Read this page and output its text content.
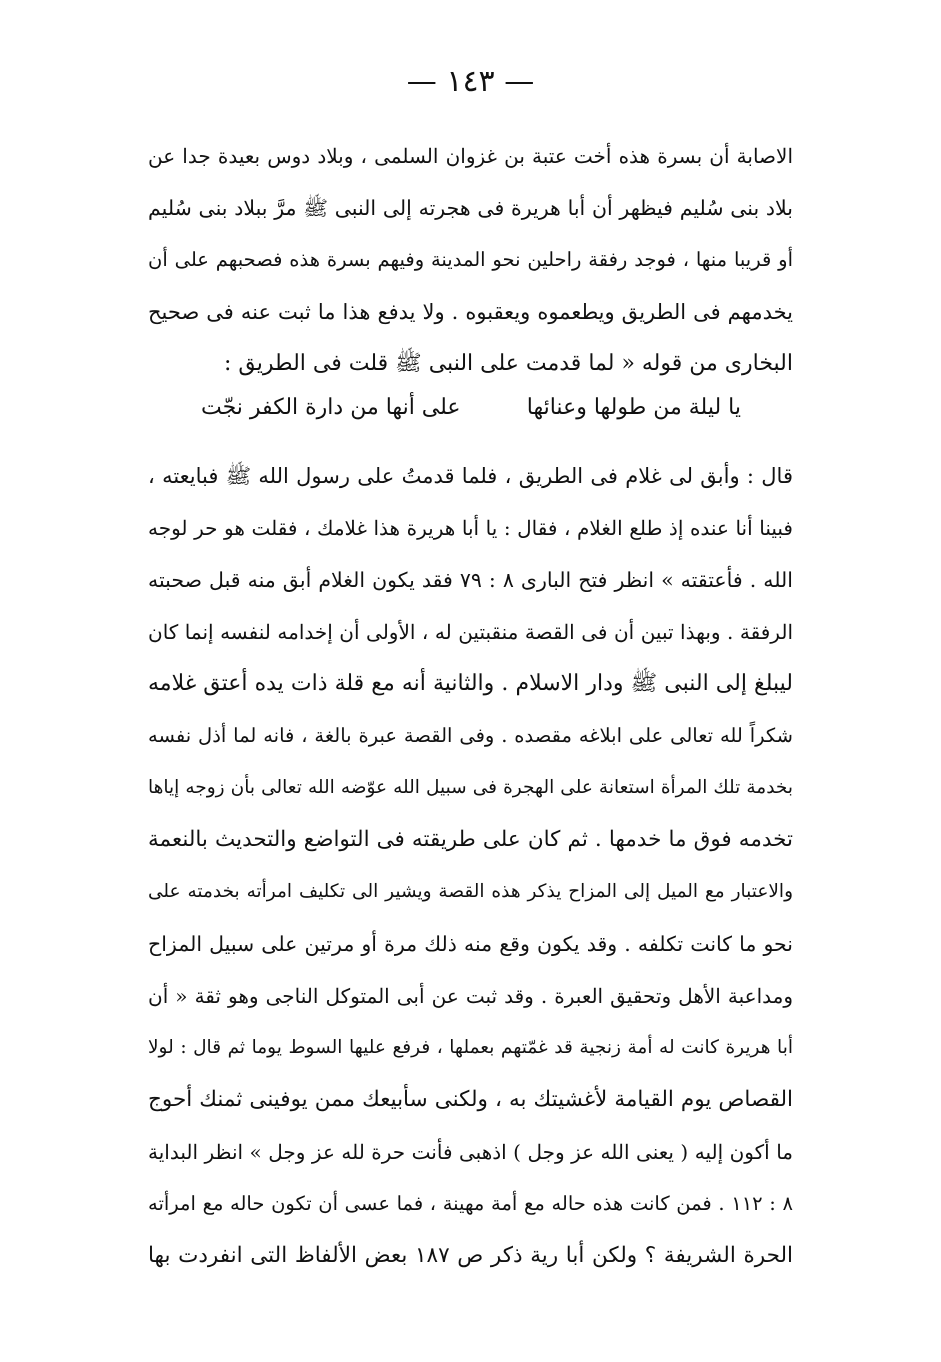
— ١٤٣ —
الاصابة أن بسرة هذه أخت عتبة بن غزوان السلمى ، وبلاد دوس بعيدة جدا عن
بلاد بنى سُليم فيظهر أن أبا هريرة فى هجرته إلى النبى ﷺ مرَّ ببلاد بنى سُليم
أو قريبا منها ، فوجد رفقة راحلين نحو المدينة وفيهم بسرة هذه فصحبهم على أن
يخدمهم فى الطريق ويطعموه ويعقبوه . ولا يدفع هذا ما ثبت عنه فى صحيح
البخارى من قوله « لما قدمت على النبى ﷺ قلت فى الطريق :
يا ليلة من طولها وعنائها
على أنها من دارة الكفر نجّت
قال : وأبق لى غلام فى الطريق ، فلما قدمتُ على رسول الله ﷺ فبايعته ،
فبينا أنا عنده إذ طلع الغلام ، فقال : يا أبا هريرة هذا غلامك ، فقلت هو حر لوجه
الله . فأعتقته » انظر فتح البارى ٨ : ٧٩ فقد يكون الغلام أبق منه قبل صحبته
الرفقة . وبهذا تبين أن فى القصة منقبتين له ، الأولى أن إخدامه لنفسه إنما كان
ليبلغ إلى النبى ﷺ ودار الاسلام . والثانية أنه مع قلة ذات يده أعتق غلامه
شكراً لله تعالى على ابلاغه مقصده . وفى القصة عبرة بالغة ، فانه لما أذل نفسه
بخدمة تلك المرأة استعانة على الهجرة فى سبيل الله عوّضه الله تعالى بأن زوجه إياها
تخدمه فوق ما خدمها . ثم كان على طريقته فى التواضع والتحديث بالنعمة
والاعتبار مع الميل إلى المزاح يذكر هذه القصة ويشير الى تكليف امرأته بخدمته على
نحو ما كانت تكلفه . وقد يكون وقع منه ذلك مرة أو مرتين على سبيل المزاح
ومداعبة الأهل وتحقيق العبرة . وقد ثبت عن أبى المتوكل الناجى وهو ثقة « أن
أبا هريرة كانت له أمة زنجية قد غمّتهم بعملها ، فرفع عليها السوط يوما ثم قال : لولا
القصاص يوم القيامة لأغشيتك به ، ولكنى سأبيعك ممن يوفينى ثمنك أحوج
ما أكون إليه ( يعنى الله عز وجل ) اذهبى فأنت حرة لله عز وجل » انظر البداية
٨ : ١١٢ . فمن كانت هذه حاله مع أمة مهينة ، فما عسى أن تكون حاله مع امرأته
الحرة الشريفة ؟ ولكن أبا رية ذكر ص ١٨٧ بعض الألفاظ التى انفردت بها
